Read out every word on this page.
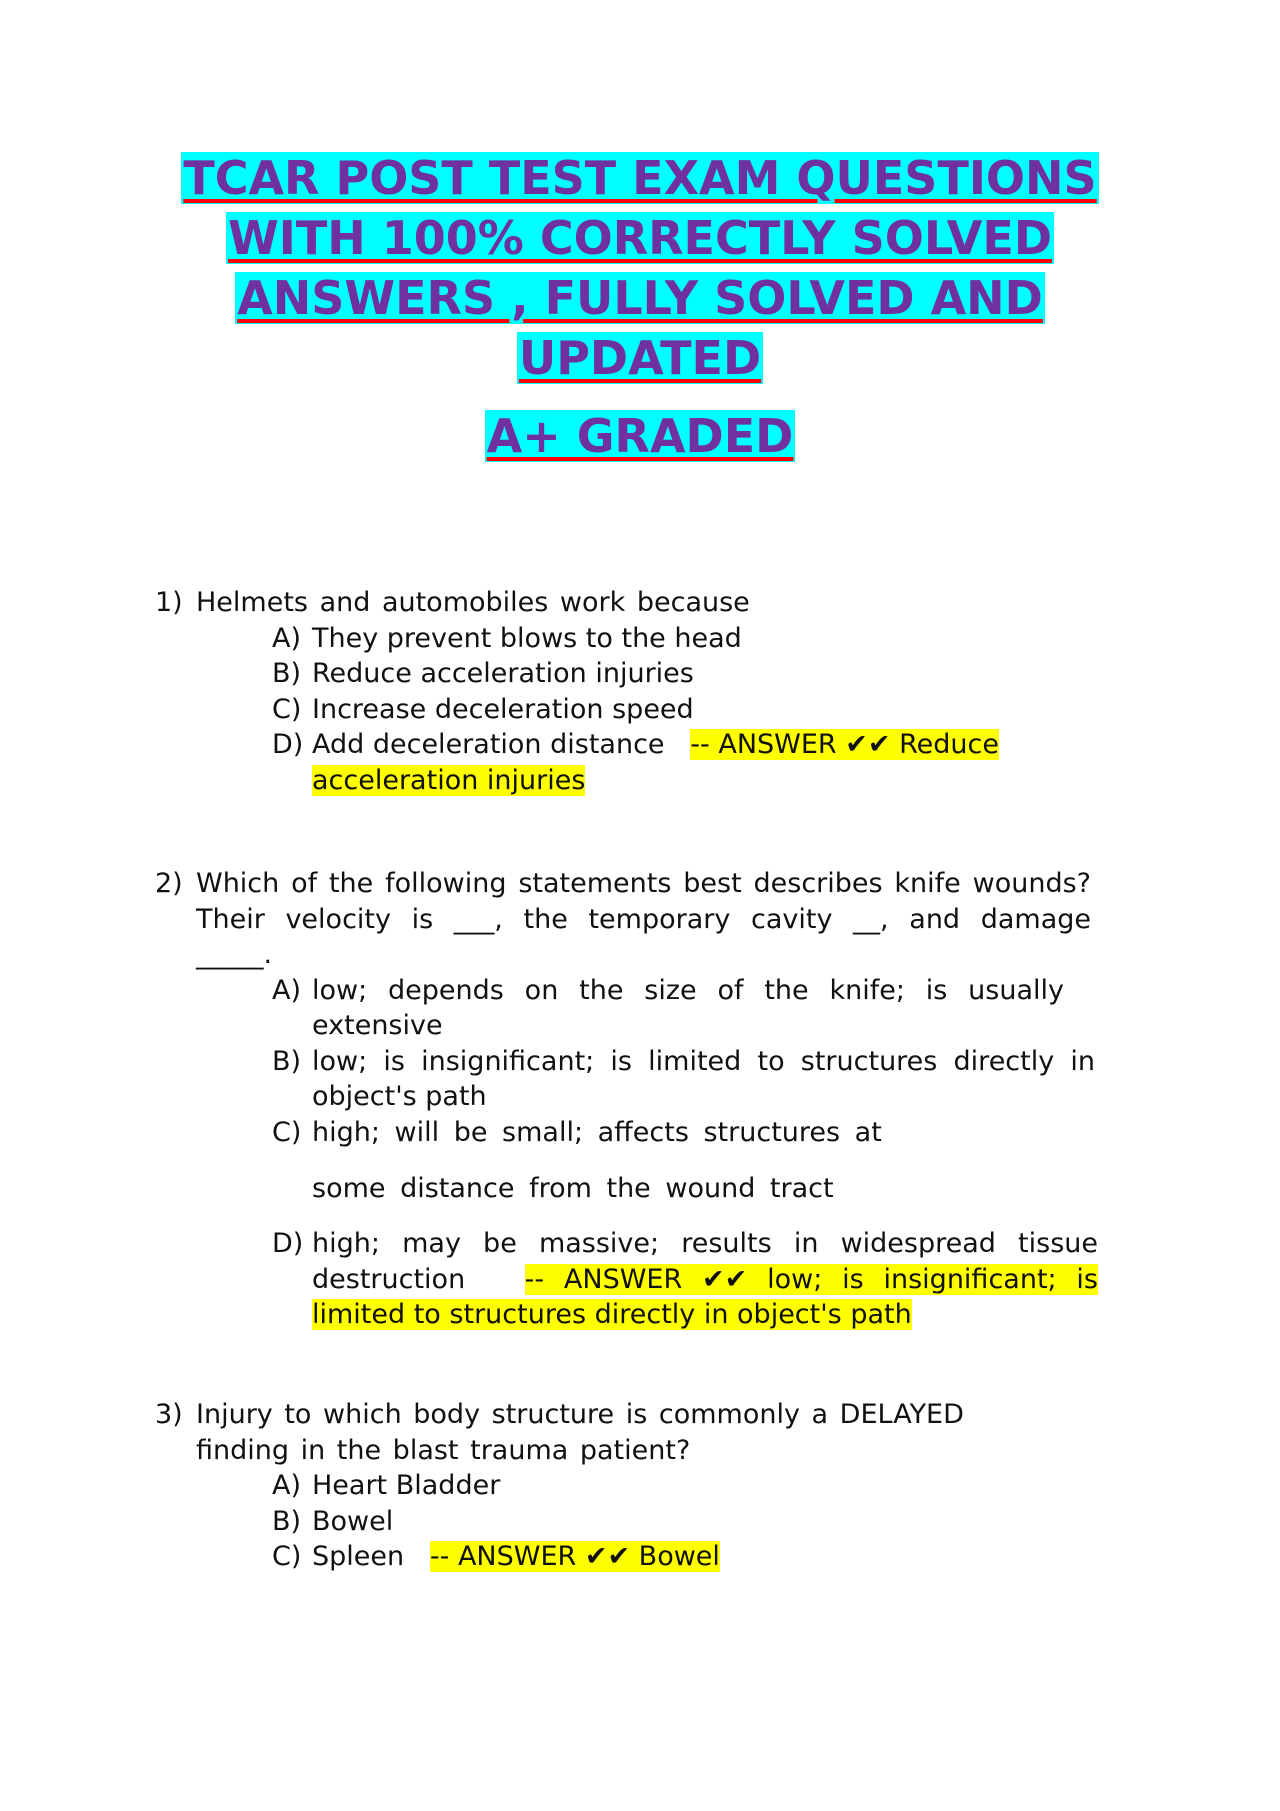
TCAR POST TEST EXAM QUESTIONS
WITH 100% CORRECTLY SOLVED
ANSWERS , FULLY SOLVED AND
UPDATED
A+ GRADED
1) Helmets and automobiles work because
A) They prevent blows to the head
B) Reduce acceleration injuries
C) Increase deceleration speed
D) Add deceleration distance -- ANSWER ✔✔ Reduce acceleration injuries
2) Which of the following statements best describes knife wounds? Their velocity is ___, the temporary cavity __, and damage _____.
A) low; depends on the size of the knife; is usually extensive
B) low; is insignificant; is limited to structures directly in object's path
C) high; will be small; affects structures at
some distance from the wound tract
D) high; may be massive; results in widespread tissue destruction -- ANSWER ✔✔ low; is insignificant; is limited to structures directly in object's path
3) Injury to which body structure is commonly a DELAYED finding in the blast trauma patient?
A) Heart Bladder
B) Bowel
C) Spleen -- ANSWER ✔✔ Bowel
